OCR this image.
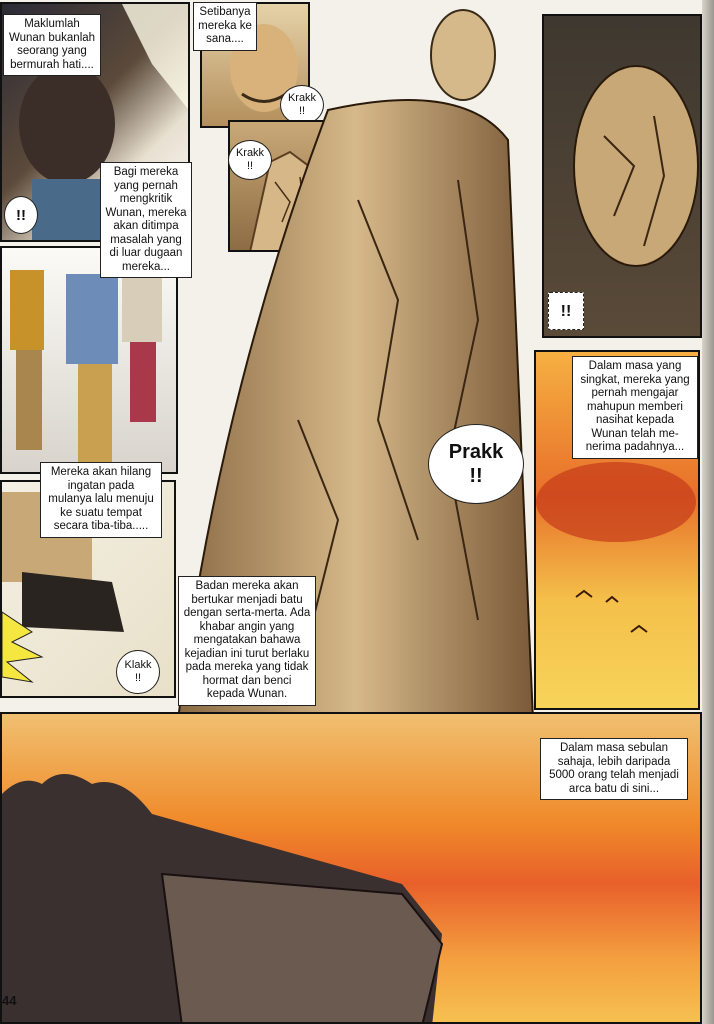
Maklumlah Wunan bukanlah seorang yang bermurah hati....
!!
Setibanya mereka ke sana....
Krakk
!!
Krakk
!!
Bagi mereka yang pernah mengkritik Wunan, mereka akan ditimpa masalah yang di luar dugaan mereka...
Mereka akan hilang ingatan pada mulanya lalu menuju ke suatu tempat secara tiba-tiba.....
Klakk
!!
Prakk
!!
Badan mereka akan bertukar menjadi batu dengan serta-merta. Ada khabar angin yang mengatakan bahawa kejadian ini turut berlaku pada mereka yang tidak hormat dan benci kepada Wunan.
!!
Dalam masa yang singkat, mereka yang pernah mengajar mahupun memberi nasihat kepada Wunan telah me-nerima padahnya...
Dalam masa sebulan sahaja, lebih daripada 5000 orang telah menjadi arca batu di sini...
44
